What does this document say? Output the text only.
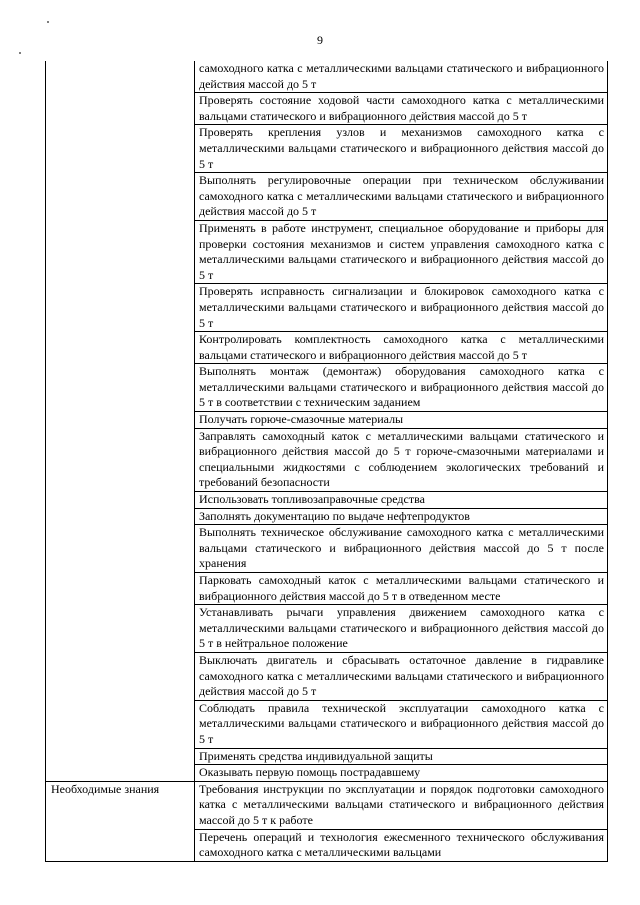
9
	самоходного катка с металлическими вальцами статического и вибрационного действия массой до 5 т
	Проверять состояние ходовой части самоходного катка с металлическими вальцами статического и вибрационного действия массой до 5 т
	Проверять крепления узлов и механизмов самоходного катка с металлическими вальцами статического и вибрационного действия массой до 5 т
	Выполнять регулировочные операции при техническом обслуживании самоходного катка с металлическими вальцами статического и вибрационного действия массой до 5 т
	Применять в работе инструмент, специальное оборудование и приборы для проверки состояния механизмов и систем управления самоходного катка с металлическими вальцами статического и вибрационного действия массой до 5 т
	Проверять исправность сигнализации и блокировок самоходного катка с металлическими вальцами статического и вибрационного действия массой до 5 т
	Контролировать комплектность самоходного катка с металлическими вальцами статического и вибрационного действия массой до 5 т
	Выполнять монтаж (демонтаж) оборудования самоходного катка с металлическими вальцами статического и вибрационного действия массой до 5 т в соответствии с техническим заданием
	Получать горюче-смазочные материалы
	Заправлять самоходный каток с металлическими вальцами статического и вибрационного действия массой до 5 т горюче-смазочными материалами и специальными жидкостями с соблюдением экологических требований и требований безопасности
	Использовать топливозаправочные средства
	Заполнять документацию по выдаче нефтепродуктов
	Выполнять техническое обслуживание самоходного катка с металлическими вальцами статического и вибрационного действия массой до 5 т после хранения
	Парковать самоходный каток с металлическими вальцами статического и вибрационного действия массой до 5 т в отведенном месте
	Устанавливать рычаги управления движением самоходного катка с металлическими вальцами статического и вибрационного действия массой до 5 т в нейтральное положение
	Выключать двигатель и сбрасывать остаточное давление в гидравлике самоходного катка с металлическими вальцами статического и вибрационного действия массой до 5 т
	Соблюдать правила технической эксплуатации самоходного катка с металлическими вальцами статического и вибрационного действия массой до 5 т
	Применять средства индивидуальной защиты
	Оказывать первую помощь пострадавшему
Необходимые знания	Требования инструкции по эксплуатации и порядок подготовки самоходного катка с металлическими вальцами статического и вибрационного действия массой до 5 т к работе
	Перечень операций и технология ежесменного технического обслуживания самоходного катка с металлическими вальцами
